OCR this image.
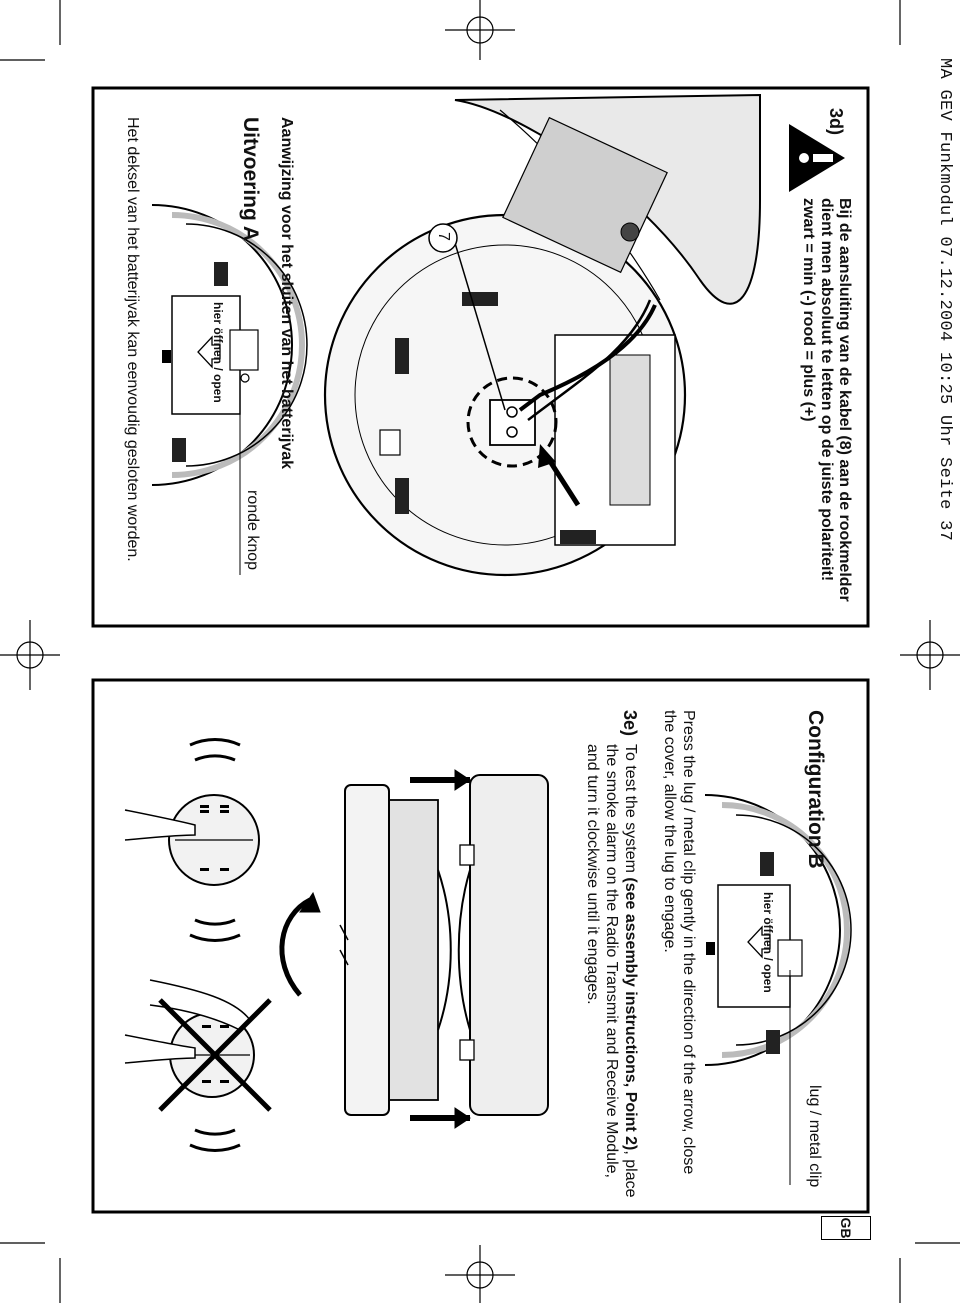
MA GEV Funkmodul 07.12.2004 10:25 Uhr Seite 37
3d)
Bij de aansluiting van de kabel (8) aan de rookmelder
dient men absoluut te letten op de juiste polariteit!
zwart = min (-) rood = plus (+)
7
Aanwijzing voor het sluiten van het batterijvak
Uitvoering A
ronde knop
Het deksel van het batterijvak kan eenvoudig gesloten worden.	hier öffnen / open
Configuration B
lug / metal clip
hier öffnen / open
Press the lug / metal clip gently in the direction of the arrow, close
the cover, allow the lug to engage.
3e)
To test the system (see assembly instructions, Point 2), place
the smoke alarm on the Radio Transmit and Receive Module,
and turn it clockwise until it engages.
GB
